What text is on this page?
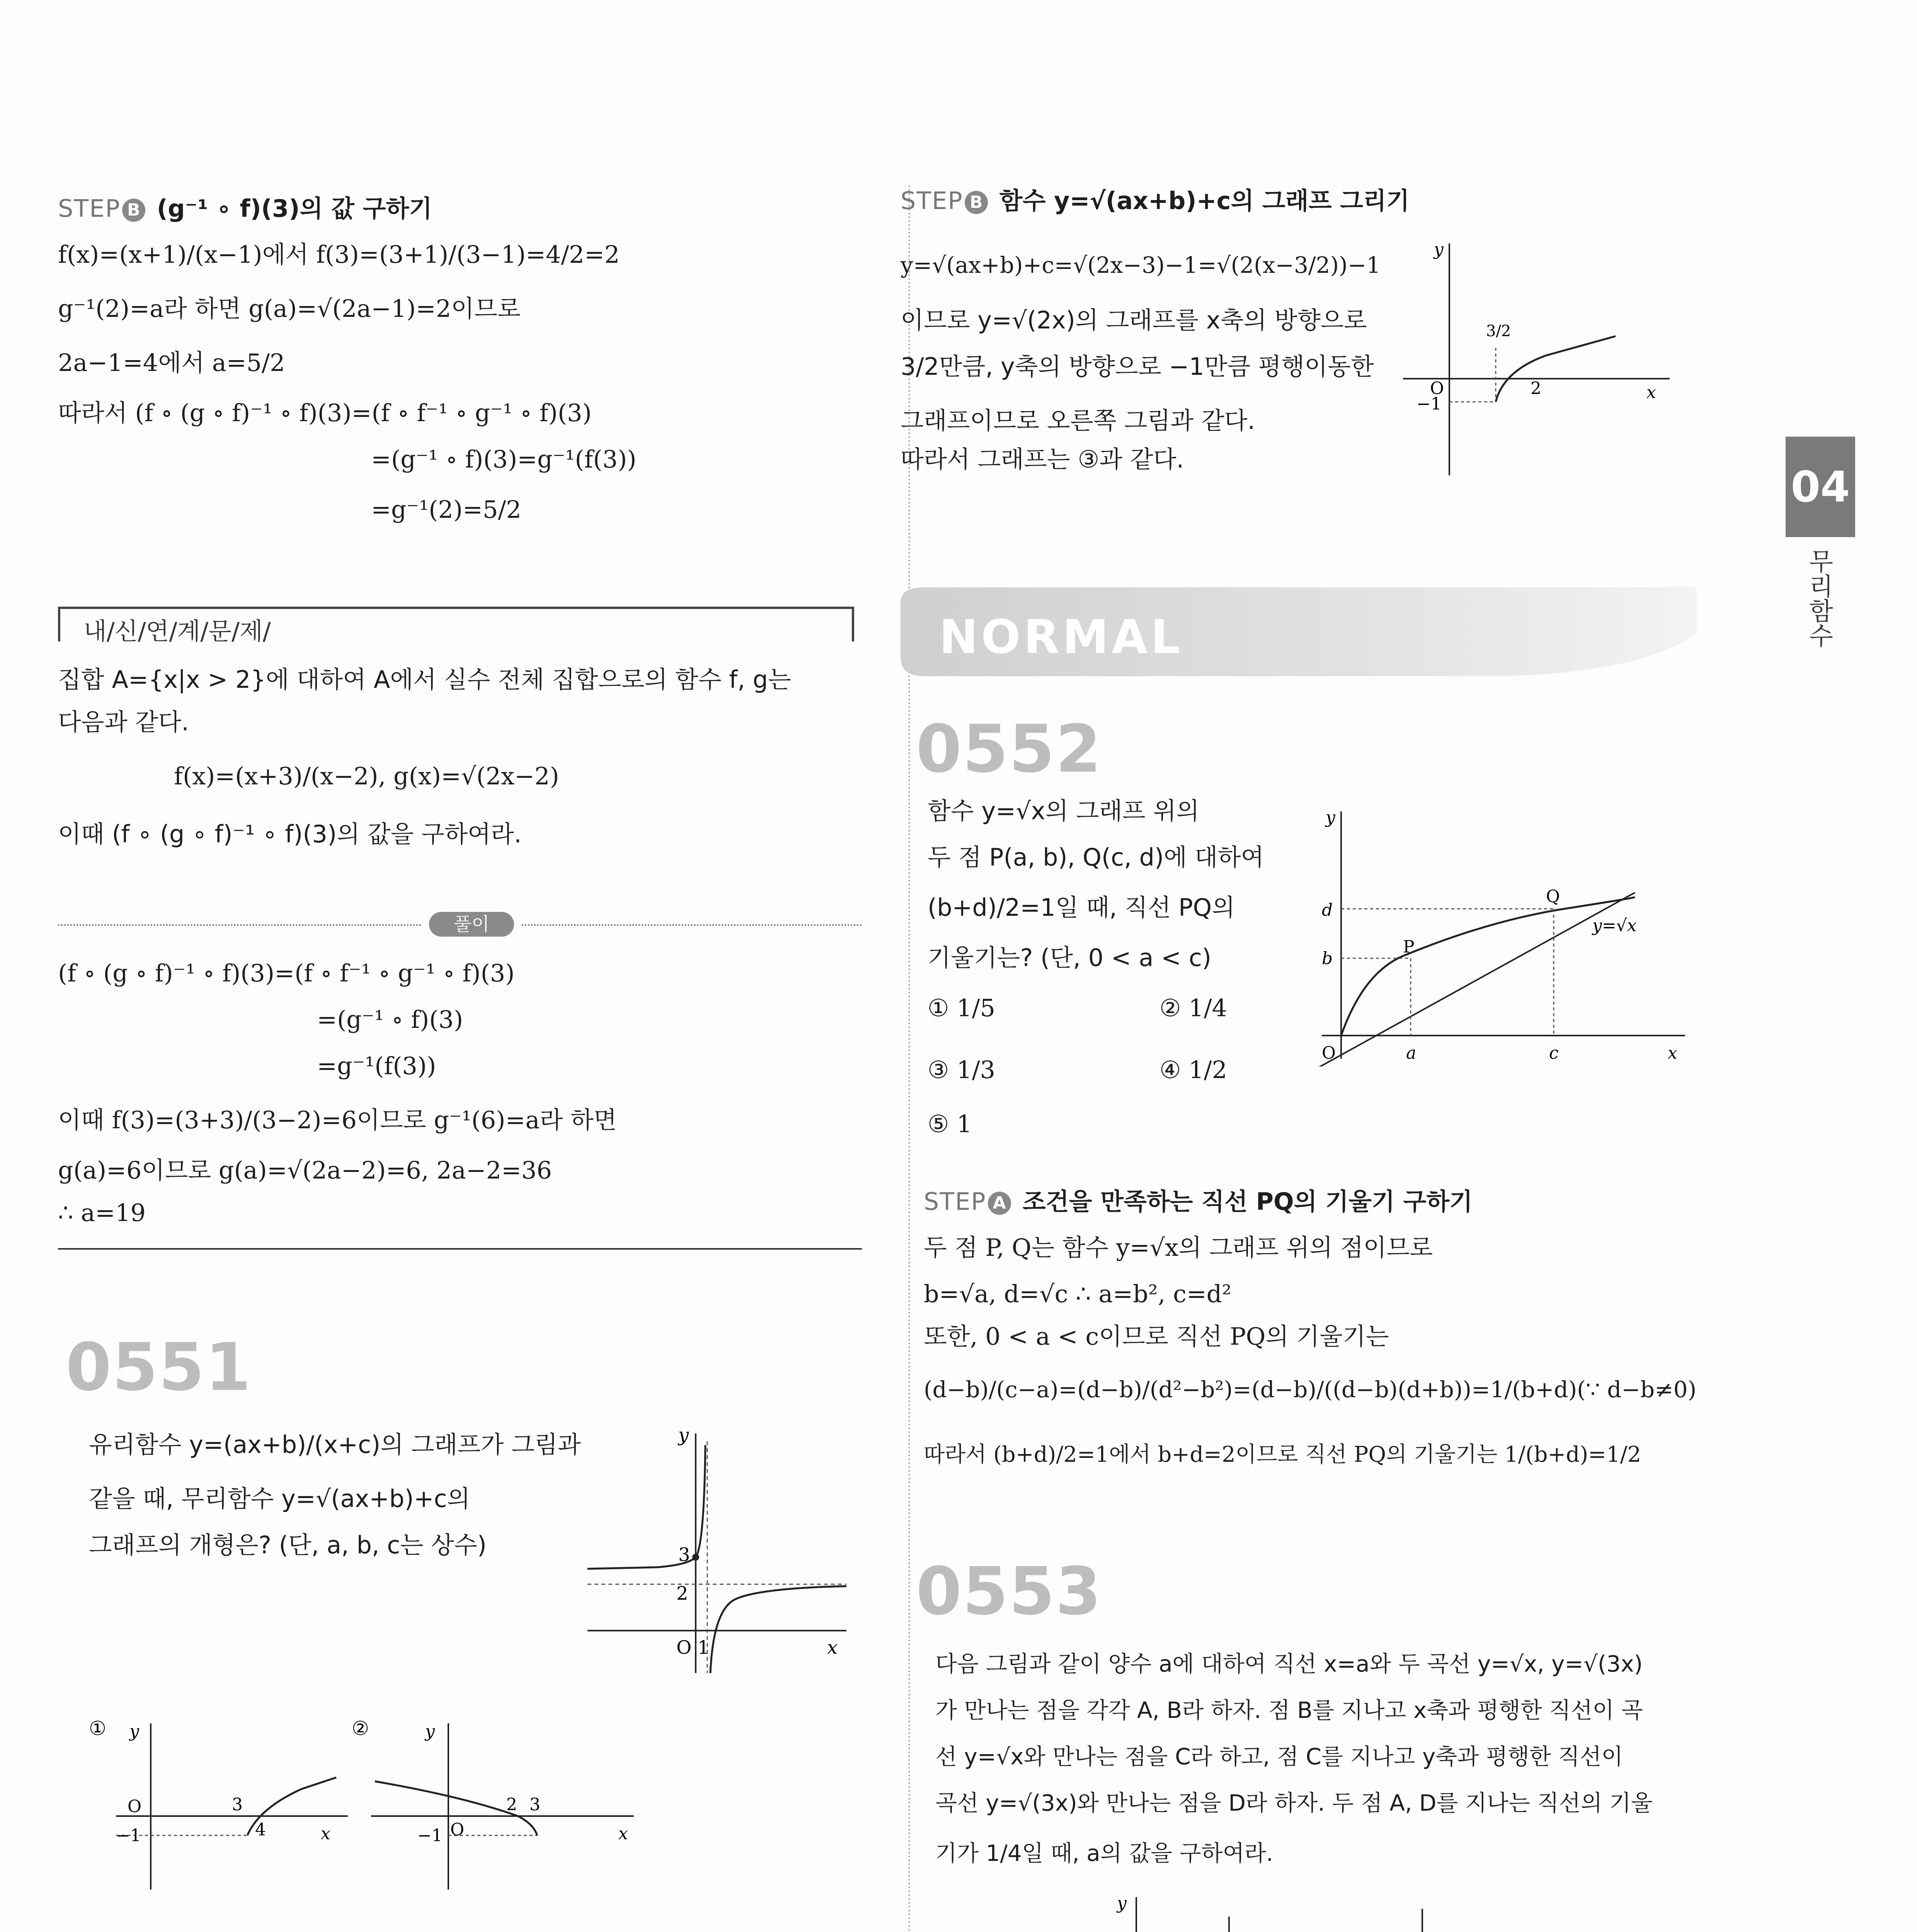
04
무리함수
STEP B (g⁻¹ ∘ f)(3)의 값 구하기
f(x)=(x+1)/(x−1)에서 f(3)=(3+1)/(3−1)=4/2=2
g⁻¹(2)=a라 하면 g(a)=√(2a−1)=2이므로
2a−1=4에서 a=5/2
따라서 (f ∘ (g ∘ f)⁻¹ ∘ f)(3)=(f ∘ f⁻¹ ∘ g⁻¹ ∘ f)(3)
=(g⁻¹ ∘ f)(3)=g⁻¹(f(3))
=g⁻¹(2)=5/2
내/신/연/계/문/제/
집합 A={x|x > 2}에 대하여 A에서 실수 전체 집합으로의 함수 f, g는
다음과 같다.
f(x)=(x+3)/(x−2), g(x)=√(2x−2)
이때 (f ∘ (g ∘ f)⁻¹ ∘ f)(3)의 값을 구하여라.
풀이
(f ∘ (g ∘ f)⁻¹ ∘ f)(3)=(f ∘ f⁻¹ ∘ g⁻¹ ∘ f)(3)
=(g⁻¹ ∘ f)(3)
=g⁻¹(f(3))
이때 f(3)=(3+3)/(3−2)=6이므로 g⁻¹(6)=a라 하면
g(a)=6이므로 g(a)=√(2a−2)=6, 2a−2=36
∴ a=19
0551
유리함수 y=(ax+b)/(x+c)의 그래프가 그림과
같을 때, 무리함수 y=√(ax+b)+c의
그래프의 개형은? (단, a, b, c는 상수)
y
x
O 1
2
3
① y
x
O	3
4
−1
②	y
x
O
2 3
−1
STEP B 함수 y=√(ax+b)+c의 그래프 그리기
y=√(ax+b)+c=√(2x−3)−1=√(2(x−3/2))−1
이므로 y=√(2x)의 그래프를 x축의 방향으로
3/2만큼, y축의 방향으로 −1만큼 평행이동한
그래프이므로 오른쪽 그림과 같다.
따라서 그래프는 ③과 같다.
y
x
O
3/2
2
−1
NORMAL
0552
함수 y=√x의 그래프 위의
두 점 P(a, b), Q(c, d)에 대하여
(b+d)/2=1일 때, 직선 PQ의
기울기는? (단, 0 < a < c)
① 1/5	② 1/4
③ 1/3	④ 1/2
⑤ 1
y
x
O	a	c
b
d
P
Q
y=√x
STEP A 조건을 만족하는 직선 PQ의 기울기 구하기
두 점 P, Q는 함수 y=√x의 그래프 위의 점이므로
b=√a, d=√c ∴ a=b², c=d²
또한, 0 < a < c이므로 직선 PQ의 기울기는
(d−b)/(c−a)=(d−b)/(d²−b²)=(d−b)/((d−b)(d+b))=1/(b+d)(∵ d−b≠0)
따라서 (b+d)/2=1에서 b+d=2이므로 직선 PQ의 기울기는 1/(b+d)=1/2
0553
다음 그림과 같이 양수 a에 대하여 직선 x=a와 두 곡선 y=√x, y=√(3x)
가 만나는 점을 각각 A, B라 하자. 점 B를 지나고 x축과 평행한 직선이 곡
선 y=√x와 만나는 점을 C라 하고, 점 C를 지나고 y축과 평행한 직선이
곡선 y=√(3x)와 만나는 점을 D라 하자. 두 점 A, D를 지나는 직선의 기울
기가 1/4일 때, a의 값을 구하여라.
y
